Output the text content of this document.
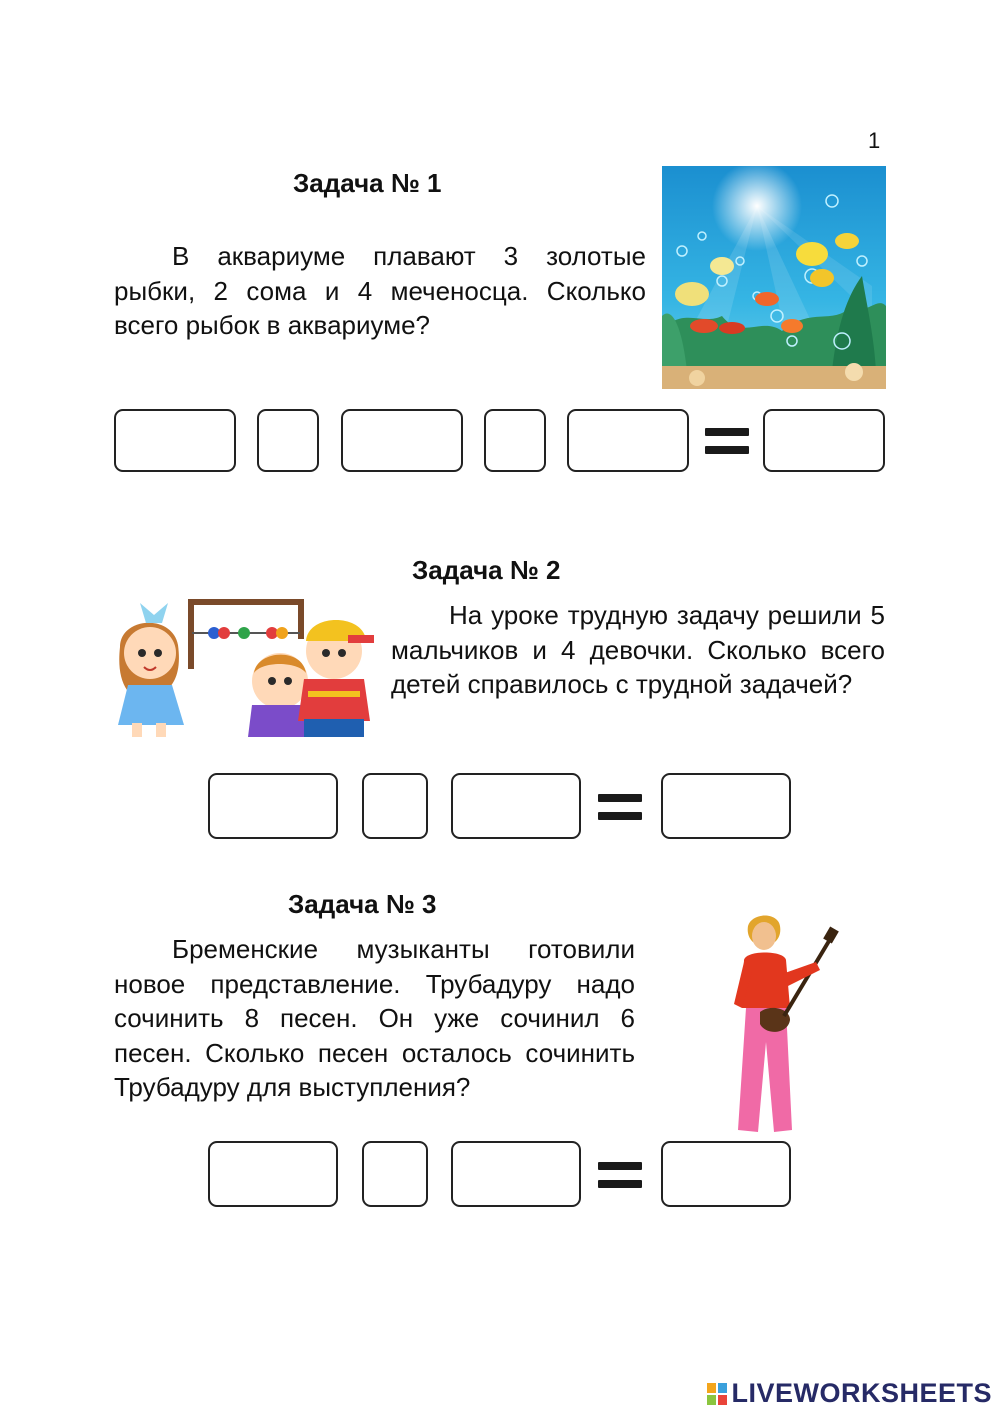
1
Задача № 1
В аквариуме плавают 3 золотые рыбки, 2 сома и 4 меченосца. Сколько всего рыбок в аквариуме?
Задача № 2
На уроке трудную задачу решили 5 мальчиков и 4 девочки. Сколько всего детей справилось с трудной задачей?
Задача № 3
Бременские музыканты готовили новое представление. Трубадуру надо сочинить 8 песен. Он уже сочинил 6 песен. Сколько песен осталось сочинить Трубадуру для выступления?
LIVEWORKSHEETS
